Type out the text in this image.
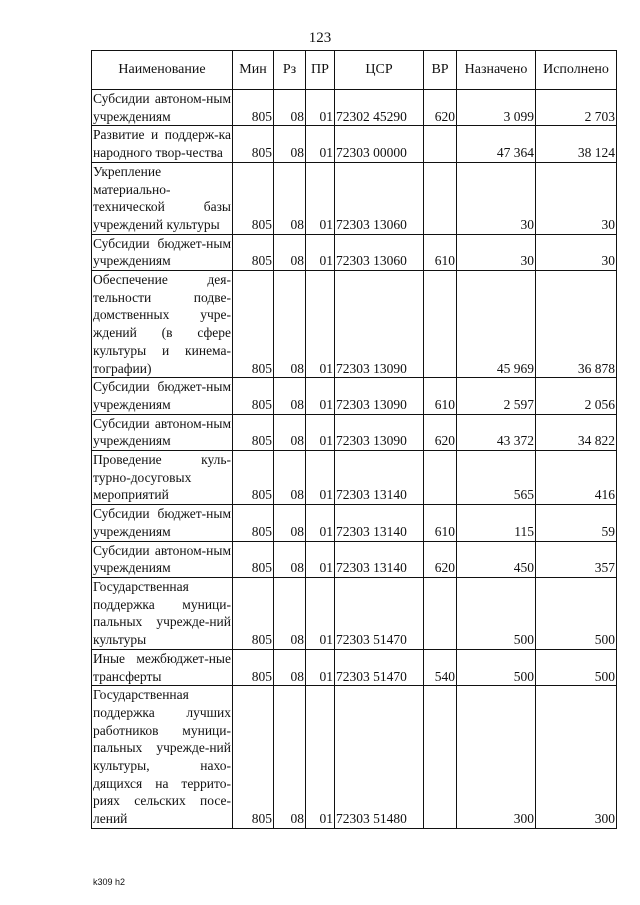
123
Наименование	Мин	Рз	ПР	ЦСР	ВР	Назначено	Исполнено
Субсидии автоном-ным учреждениям	805	08	01	72302 45290	620	3 099	2 703
Развитие и поддерж-ка народного твор-чества	805	08	01	72303 00000		47 364	38 124
Укрепление материально-технической базы учреждений культуры	805	08	01	72303 13060		30	30
Субсидии бюджет-ным учреждениям	805	08	01	72303 13060	610	30	30
Обеспечение дея-тельности подве-домственных учре-ждений (в сфере культуры и кинема-тографии)	805	08	01	72303 13090		45 969	36 878
Субсидии бюджет-ным учреждениям	805	08	01	72303 13090	610	2 597	2 056
Субсидии автоном-ным учреждениям	805	08	01	72303 13090	620	43 372	34 822
Проведение куль-турно-досуговых мероприятий	805	08	01	72303 13140		565	416
Субсидии бюджет-ным учреждениям	805	08	01	72303 13140	610	115	59
Субсидии автоном-ным учреждениям	805	08	01	72303 13140	620	450	357
Государственная поддержка муници-пальных учрежде-ний культуры	805	08	01	72303 51470		500	500
Иные межбюджет-ные трансферты	805	08	01	72303 51470	540	500	500
Государственная поддержка лучших работников муници-пальных учрежде-ний культуры, нахо-дящихся на террито-риях сельских посе-лений	805	08	01	72303 51480		300	300
k309 h2
